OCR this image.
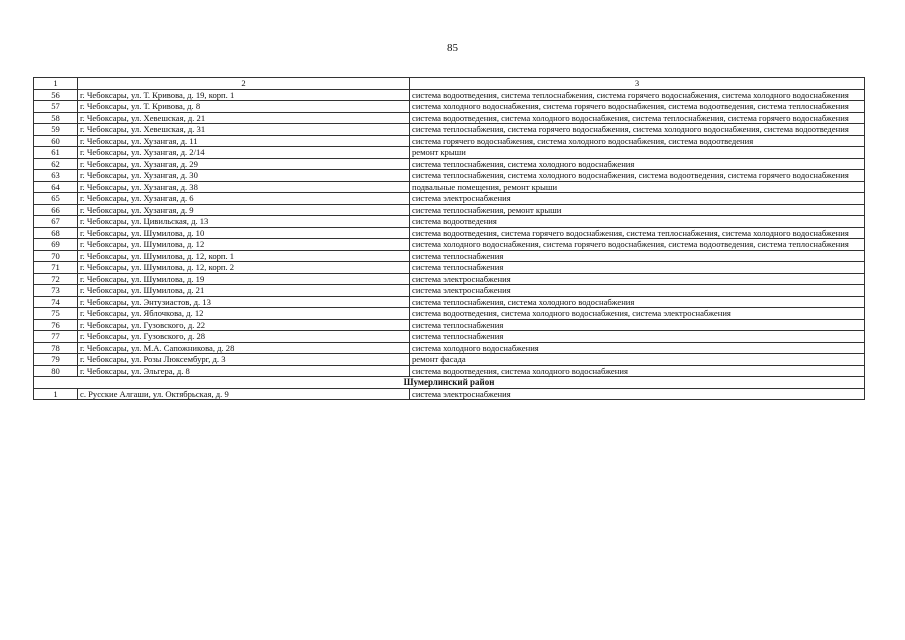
85
1	2	3
56	г. Чебоксары, ул. Т. Кривова, д. 19, корп. 1	система водоотведения, система теплоснабжения, система горячего водоснабжения, система холодного водоснабжения
57	г. Чебоксары, ул. Т. Кривова, д. 8	система холодного водоснабжения, система горячего водоснабжения, система водоотведения, система теплоснабжения
58	г. Чебоксары, ул. Хевешская, д. 21	система водоотведения, система холодного водоснабжения, система теплоснабжения, система горячего водоснабжения
59	г. Чебоксары, ул. Хевешская, д. 31	система теплоснабжения, система горячего водоснабжения, система холодного водоснабжения, система водоотведения
60	г. Чебоксары, ул. Хузангая, д. 11	система горячего водоснабжения, система холодного водоснабжения, система водоотведения
61	г. Чебоксары, ул. Хузангая, д. 2/14	ремонт крыши
62	г. Чебоксары, ул. Хузангая, д. 29	система теплоснабжения, система холодного водоснабжения
63	г. Чебоксары, ул. Хузангая, д. 30	система теплоснабжения, система холодного водоснабжения, система водоотведения, система горячего водоснабжения
64	г. Чебоксары, ул. Хузангая, д. 38	подвальные помещения, ремонт крыши
65	г. Чебоксары, ул. Хузангая, д. 6	система электроснабжения
66	г. Чебоксары, ул. Хузангая, д. 9	система теплоснабжения, ремонт крыши
67	г. Чебоксары, ул. Цивильская, д. 13	система водоотведения
68	г. Чебоксары, ул. Шумилова, д. 10	система водоотведения, система горячего водоснабжения, система теплоснабжения, система холодного водоснабжения
69	г. Чебоксары, ул. Шумилова, д. 12	система холодного водоснабжения, система горячего водоснабжения, система водоотведения, система теплоснабжения
70	г. Чебоксары, ул. Шумилова, д. 12, корп. 1	система теплоснабжения
71	г. Чебоксары, ул. Шумилова, д. 12, корп. 2	система теплоснабжения
72	г. Чебоксары, ул. Шумилова, д. 19	система электроснабжения
73	г. Чебоксары, ул. Шумилова, д. 21	система электроснабжения
74	г. Чебоксары, ул. Энтузиастов, д. 13	система теплоснабжения, система холодного водоснабжения
75	г. Чебоксары, ул. Яблочкова, д. 12	система водоотведения, система холодного водоснабжения, система электроснабжения
76	г. Чебоксары, ул. Гузовского, д. 22	система теплоснабжения
77	г. Чебоксары, ул. Гузовского, д. 28	система теплоснабжения
78	г. Чебоксары, ул. М.А. Сапожникова, д. 28	система холодного водоснабжения
79	г. Чебоксары, ул. Розы Люксембург, д. 3	ремонт фасада
80	г. Чебоксары, ул. Эльгера, д. 8	система водоотведения, система холодного водоснабжения
Шумерлинский район		
1	с. Русские Алгаши, ул. Октябрьская, д. 9	система электроснабжения
